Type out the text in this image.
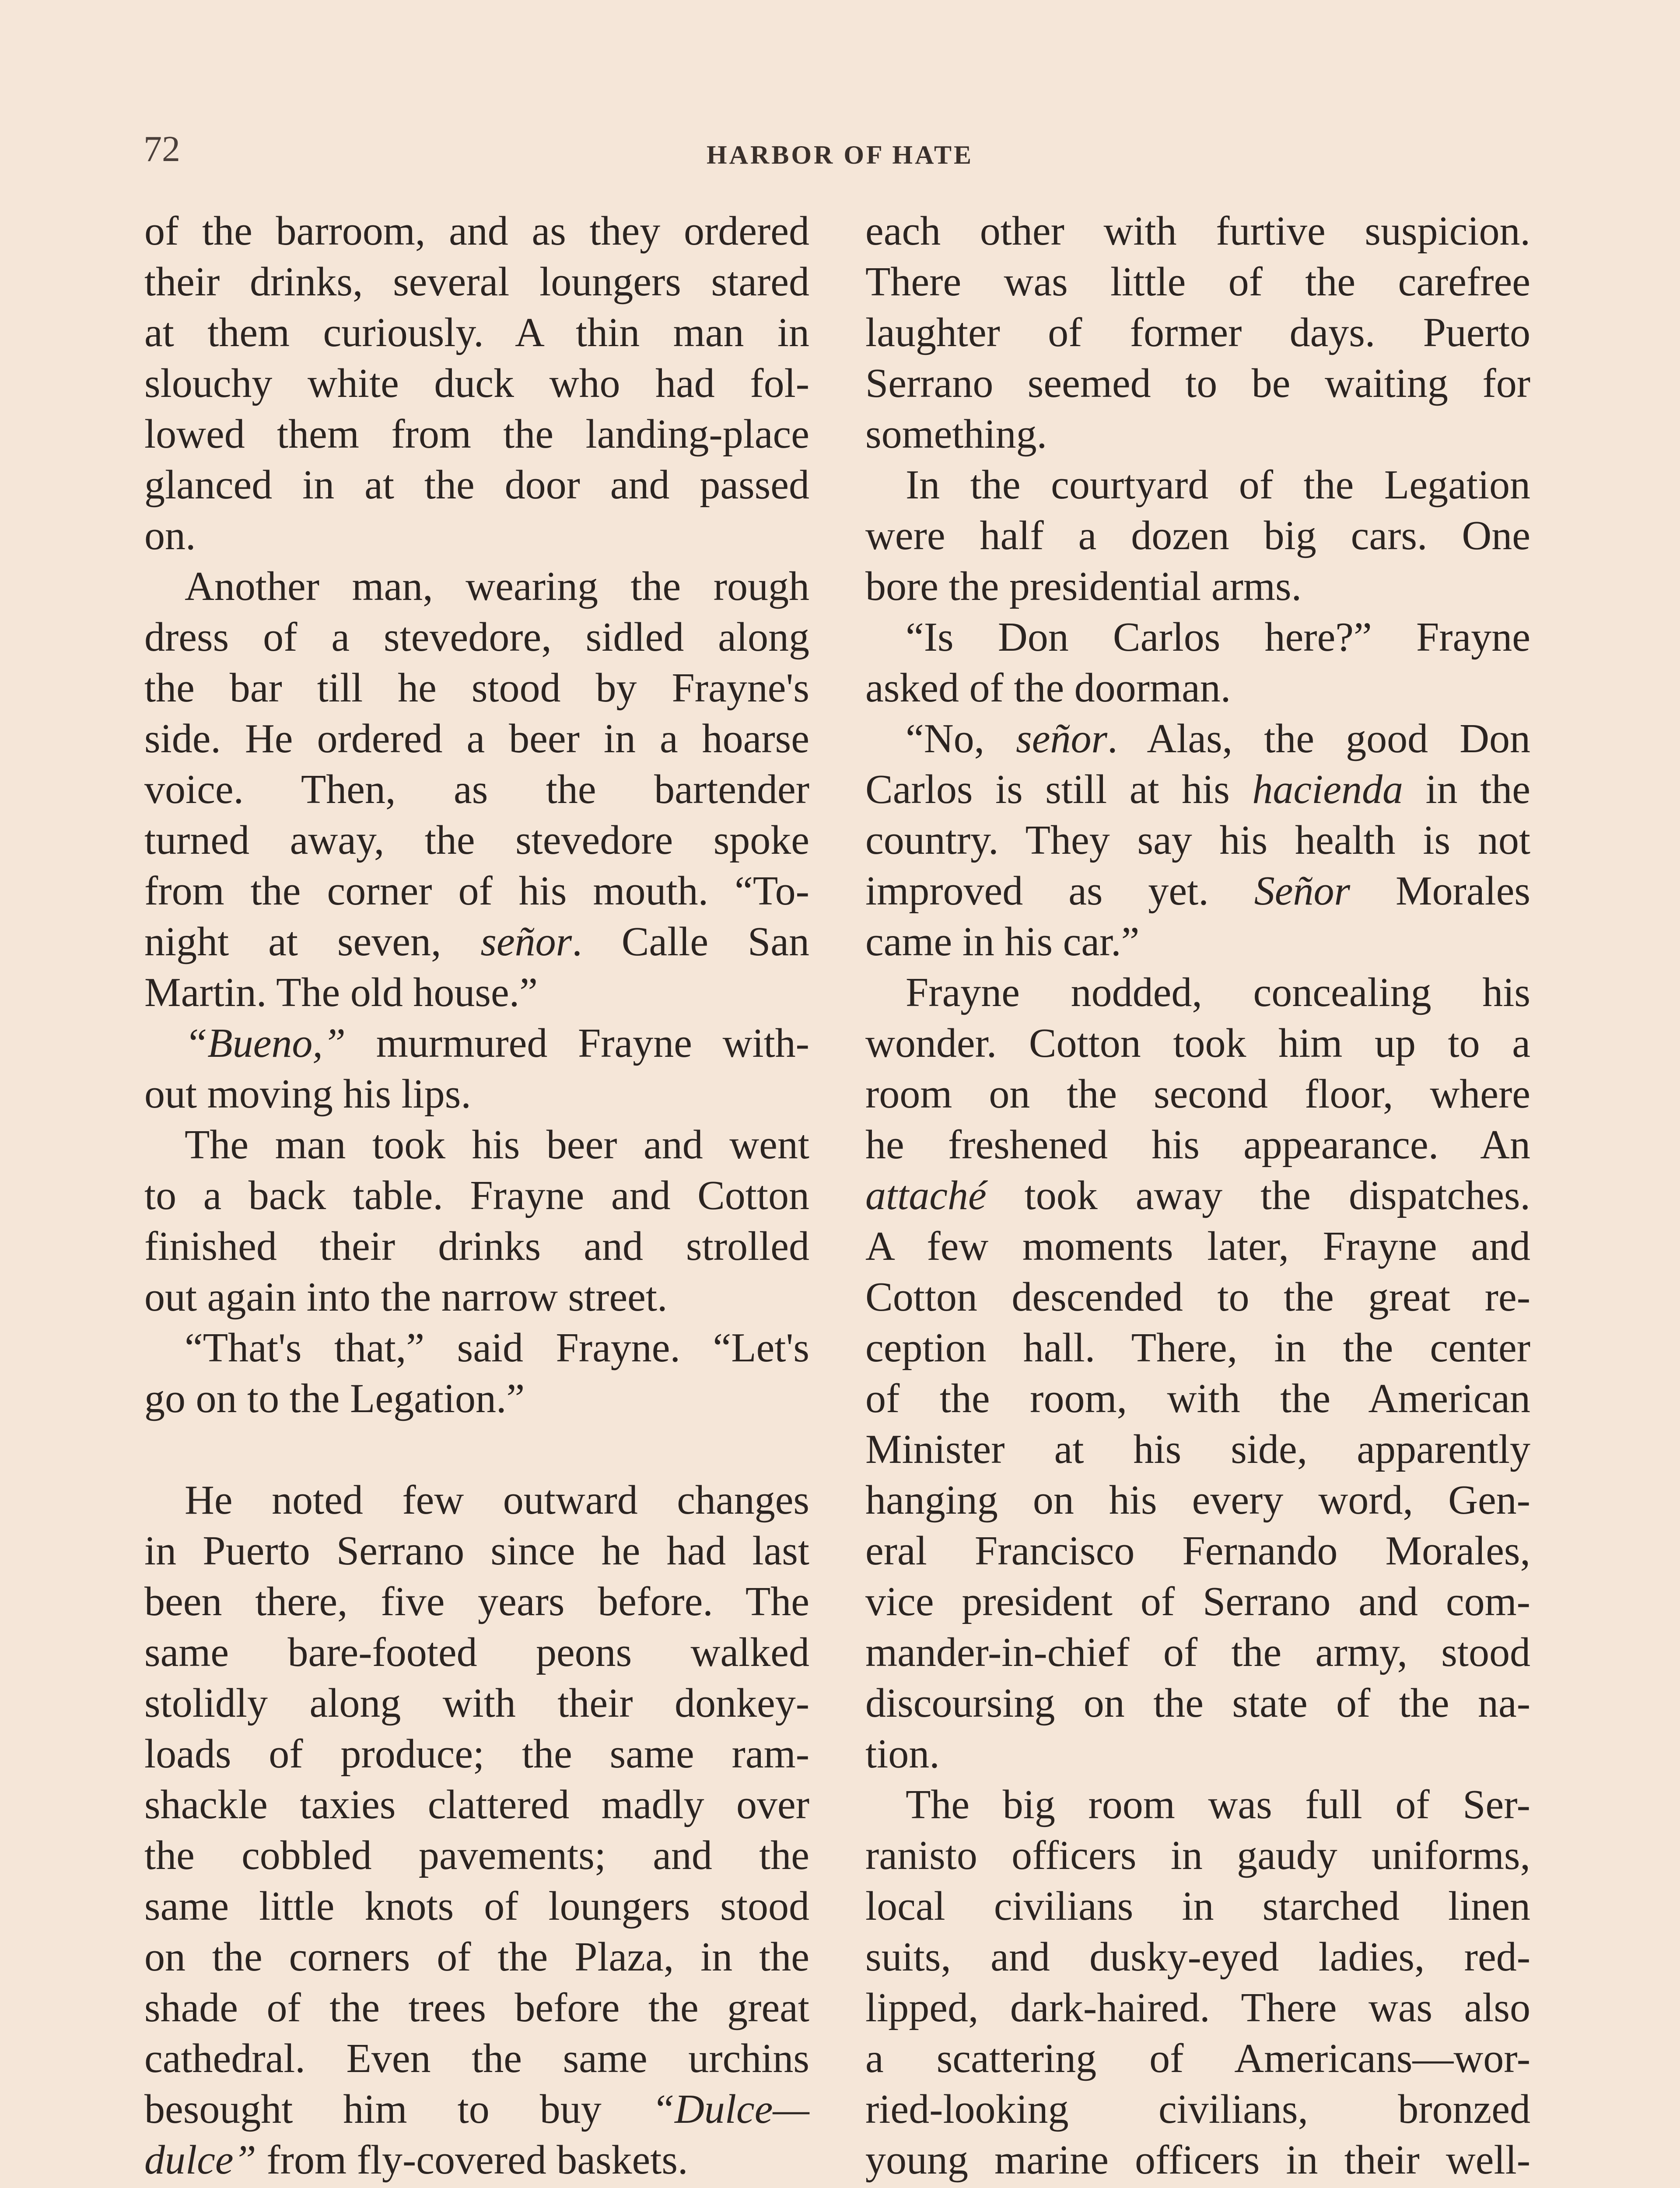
72	HARBOR OF HATE

of the barroom, and as they ordered
their drinks, several loungers stared
at them curiously. A thin man in
slouchy white duck who had fol-
lowed them from the landing-place
glanced in at the door and passed
on.

Another man, wearing the rough
dress of a stevedore, sidled along
the bar till he stood by Frayne's
side. He ordered a beer in a hoarse
voice. Then, as the bartender
turned away, the stevedore spoke
from the corner of his mouth. “To-
night at seven, señor. Calle San
Martin. The old house.”

“Bueno,” murmured Frayne with-
out moving his lips.

The man took his beer and went
to a back table. Frayne and Cotton
finished their drinks and strolled
out again into the narrow street.

“That's that,” said Frayne. “Let's
go on to the Legation.”

He noted few outward changes
in Puerto Serrano since he had last
been there, five years before. The
same bare-footed peons walked
stolidly along with their donkey-
loads of produce; the same ram-
shackle taxies clattered madly over
the cobbled pavements; and the
same little knots of loungers stood
on the corners of the Plaza, in the
shade of the trees before the great
cathedral. Even the same urchins
besought him to buy “Dulce—
dulce” from fly-covered baskets.

each other with furtive suspicion.
There was little of the carefree
laughter of former days. Puerto
Serrano seemed to be waiting for
something.

In the courtyard of the Legation
were half a dozen big cars. One
bore the presidential arms.

“Is Don Carlos here?” Frayne
asked of the doorman.

“No, señor. Alas, the good Don
Carlos is still at his hacienda in the
country. They say his health is not
improved as yet. Señor Morales
came in his car.”

Frayne nodded, concealing his
wonder. Cotton took him up to a
room on the second floor, where
he freshened his appearance. An
attaché took away the dispatches.
A few moments later, Frayne and
Cotton descended to the great re-
ception hall. There, in the center
of the room, with the American
Minister at his side, apparently
hanging on his every word, Gen-
eral Francisco Fernando Morales,
vice president of Serrano and com-
mander-in-chief of the army, stood
discoursing on the state of the na-
tion.

The big room was full of Ser-
ranisto officers in gaudy uniforms,
local civilians in starched linen
suits, and dusky-eyed ladies, red-
lipped, dark-haired. There was also
a scattering of Americans—wor-
ried-looking civilians, bronzed
young marine officers in their well-
